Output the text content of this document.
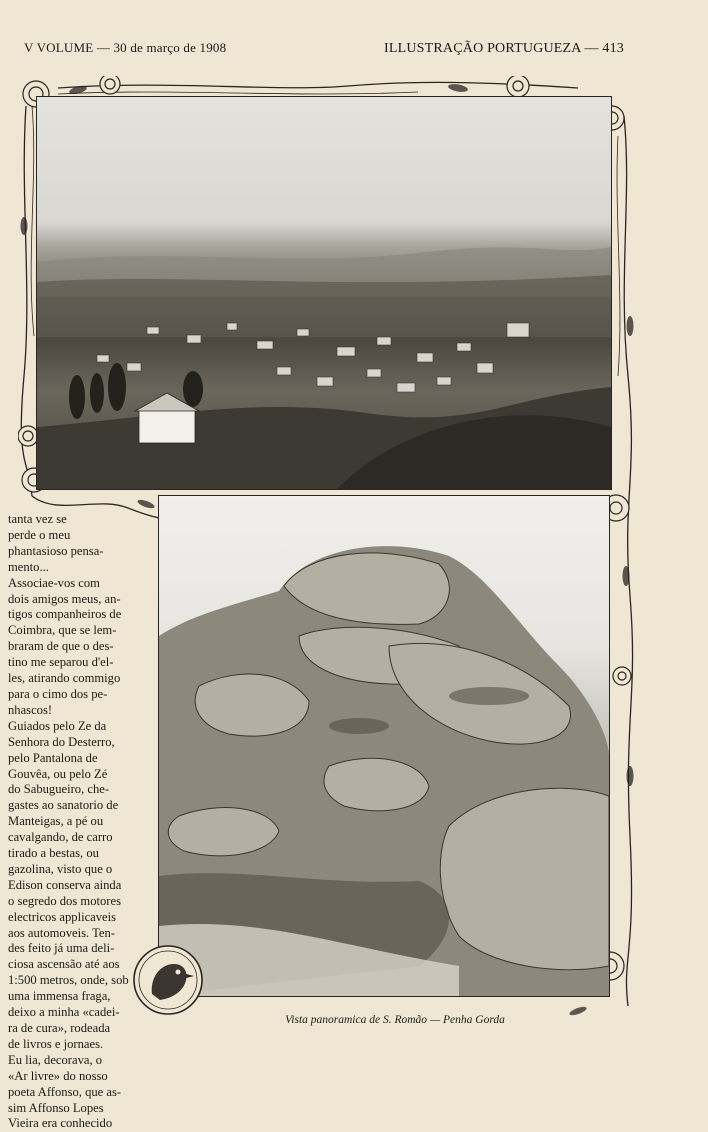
V VOLUME — 30 de março de 1908	ILLUSTRAÇÃO PORTUGUEZA — 413
tanta vez se
perde o meu
phantasioso pensa-
mento...
Associae-vos com
dois amigos meus, an-
tigos companheiros de
Coimbra, que se lem-
braram de que o des-
tino me separou d'el-
les, atirando commigo
para o cimo dos pe-
nhascos!
Guiados pelo Ze da
Senhora do Desterro,
pelo Pantalona de
Gouvêa, ou pelo Zé
do Sabugueiro, che-
gastes ao sanatorio de
Manteigas, a pé ou
cavalgando, de carro
tirado a bestas, ou
gazolina, visto que o
Edison conserva ainda
o segredo dos motores
electricos applicaveis
aos automoveis. Ten-
des feito já uma deli-
ciosa ascensão até aos
1:500 metros, onde, sob
uma immensa fraga,
deixo a minha «cadei-
ra de cura», rodeada
de livros e jornaes.
Eu lia, decorava, o
«Ar livre» do nosso
poeta Affonso, que as-
sim Affonso Lopes
Vieira era conhecido
Vista panoramica de S. Romão — Penha Gorda
